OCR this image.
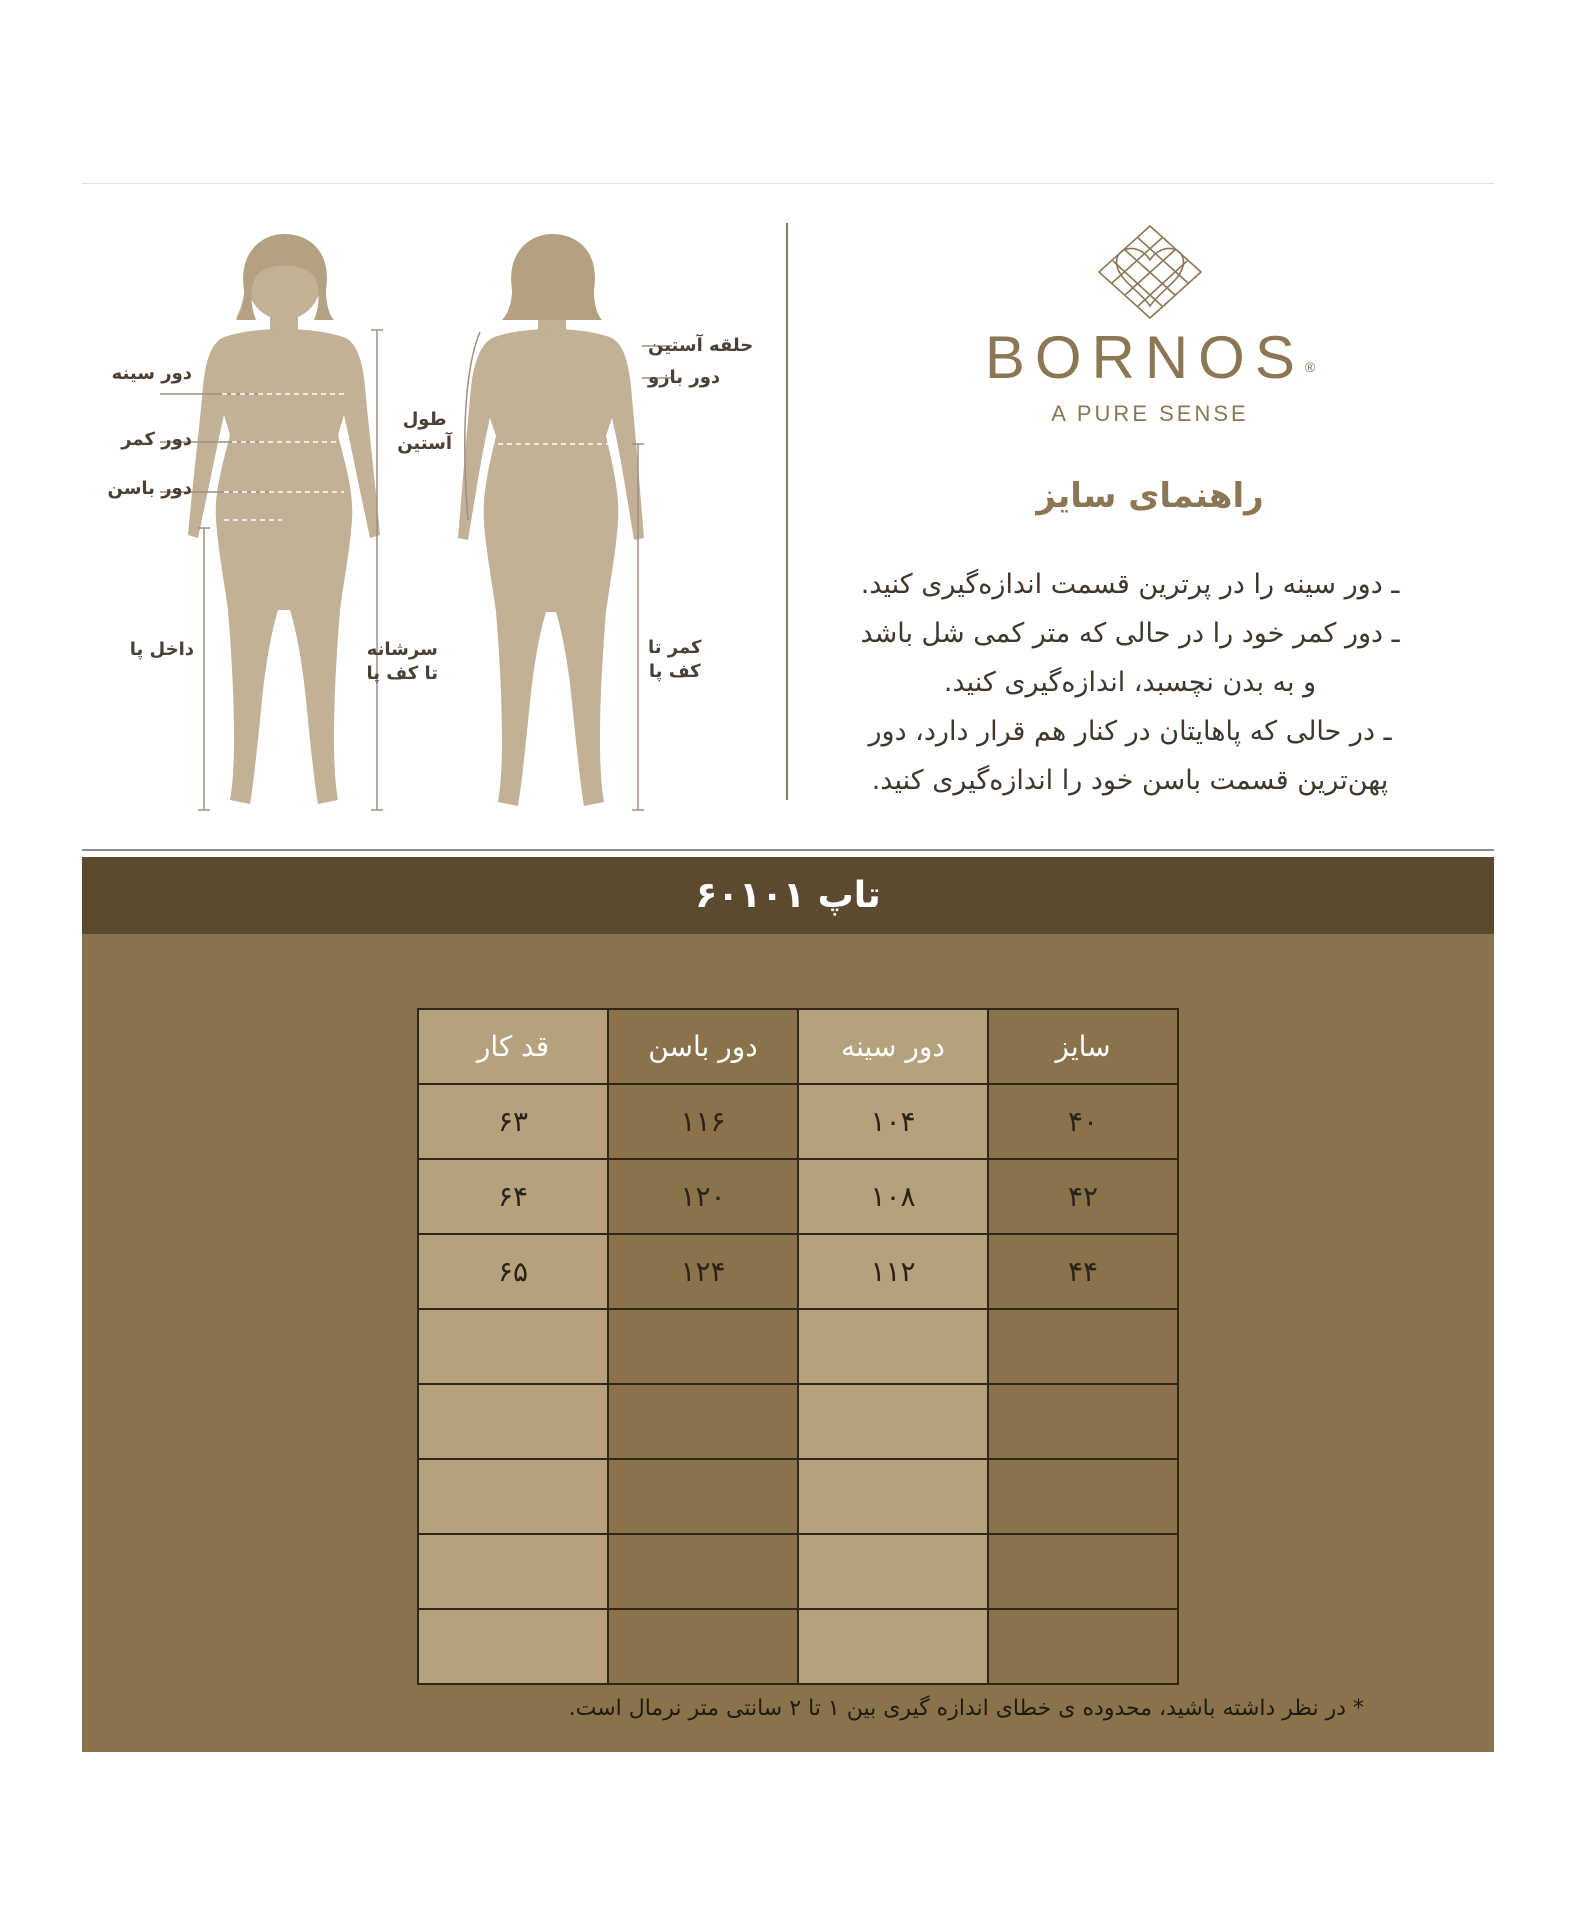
دور سینه
دور کمر
دور باسن
داخل پا	سرشانه
تا کف پا
طول
آستین
حلقه آستین
دور بازو
کمر تا
کف پا
BORNOS®
A PURE SENSE
راهنمای سایز
ـ دور سینه را در پرترین قسمت اندازه‌گیری کنید.
ـ دور کمر خود را در حالی که متر کمی شل باشد
و به بدن نچسبد، اندازه‌گیری کنید.
ـ در حالی که پاهایتان در کنار هم قرار دارد، دور
پهن‌ترین قسمت باسن خود را اندازه‌گیری کنید.
تاپ ۶۰۱۰۱
سایز	دور سینه	دور باسن	قد کار
۴۰	۱۰۴	۱۱۶	۶۳
۴۲	۱۰۸	۱۲۰	۶۴
۴۴	۱۱۲	۱۲۴	۶۵

* در نظر داشته باشید، محدوده ی خطای اندازه گیری بین ۱ تا ۲ سانتی متر نرمال است.
